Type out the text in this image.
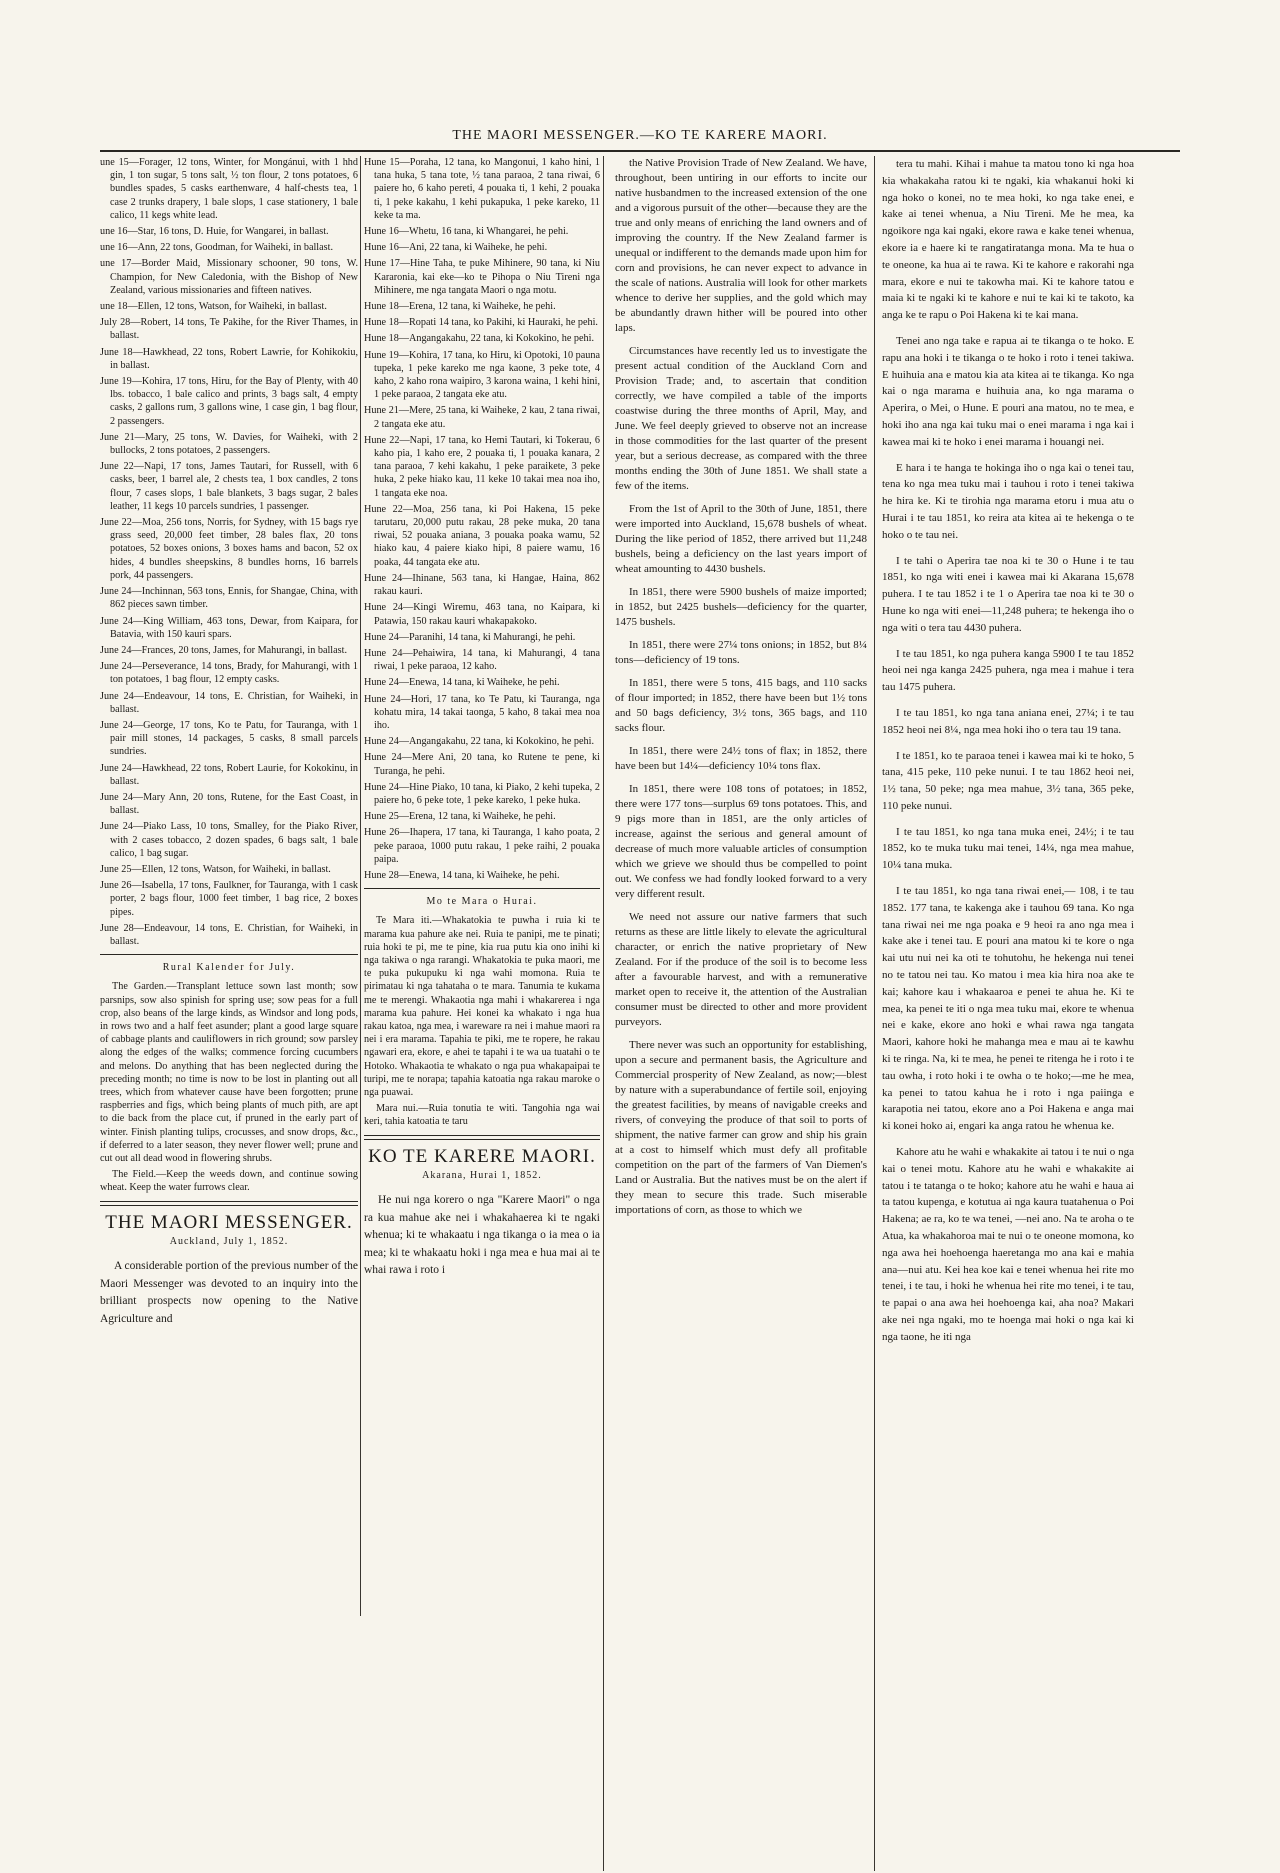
THE MAORI MESSENGER.—KO TE KARERE MAORI.

une 15—Forager, 12 tons, Winter, for Mongánui, with 1 hhd gin, 1 ton sugar, 5 tons salt, ½ ton flour, 2 tons potatoes, 6 bundles spades, 5 casks earthenware, 4 half-chests tea, 1 case 2 trunks drapery, 1 bale slops, 1 case stationery, 1 bale calico, 11 kegs white lead.

une 16—Star, 16 tons, D. Huie, for Wangarei, in ballast.

une 16—Ann, 22 tons, Goodman, for Waiheki, in ballast.

une 17—Border Maid, Missionary schooner, 90 tons, W. Champion, for New Caledonia, with the Bishop of New Zealand, various missionaries and fifteen natives.

une 18—Ellen, 12 tons, Watson, for Waiheki, in ballast.

July 28—Robert, 14 tons, Te Pakihe, for the River Thames, in ballast.

June 18—Hawkhead, 22 tons, Robert Lawrie, for Kohikokiu, in ballast.

June 19—Kohira, 17 tons, Hiru, for the Bay of Plenty, with 40 lbs. tobacco, 1 bale calico and prints, 3 bags salt, 4 empty casks, 2 gallons rum, 3 gallons wine, 1 case gin, 1 bag flour, 2 passengers.

June 21—Mary, 25 tons, W. Davies, for Waiheki, with 2 bullocks, 2 tons potatoes, 2 passengers.

June 22—Napi, 17 tons, James Tautari, for Russell, with 6 casks, beer, 1 barrel ale, 2 chests tea, 1 box candles, 2 tons flour, 7 cases slops, 1 bale blankets, 3 bags sugar, 2 bales leather, 11 kegs 10 parcels sundries, 1 passenger.

June 22—Moa, 256 tons, Norris, for Sydney, with 15 bags rye grass seed, 20,000 feet timber, 28 bales flax, 20 tons potatoes, 52 boxes onions, 3 boxes hams and bacon, 52 ox hides, 4 bundles sheepskins, 8 bundles horns, 16 barrels pork, 44 passengers.

June 24—Inchinnan, 563 tons, Ennis, for Shangae, China, with 862 pieces sawn timber.

June 24—King William, 463 tons, Dewar, from Kaipara, for Batavia, with 150 kauri spars.

June 24—Frances, 20 tons, James, for Mahurangi, in ballast.

June 24—Perseverance, 14 tons, Brady, for Mahurangi, with 1 ton potatoes, 1 bag flour, 12 empty casks.

June 24—Endeavour, 14 tons, E. Christian, for Waiheki, in ballast.

June 24—George, 17 tons, Ko te Patu, for Tauranga, with 1 pair mill stones, 14 packages, 5 casks, 8 small parcels sundries.

June 24—Hawkhead, 22 tons, Robert Laurie, for Kokokinu, in ballast.

June 24—Mary Ann, 20 tons, Rutene, for the East Coast, in ballast.

June 24—Piako Lass, 10 tons, Smalley, for the Piako River, with 2 cases tobacco, 2 dozen spades, 6 bags salt, 1 bale calico, 1 bag sugar.

June 25—Ellen, 12 tons, Watson, for Waiheki, in ballast.

June 26—Isabella, 17 tons, Faulkner, for Tauranga, with 1 cask porter, 2 bags flour, 1000 feet timber, 1 bag rice, 2 boxes pipes.

June 28—Endeavour, 14 tons, E. Christian, for Waiheki, in ballast.

Rural Kalender for July.

The Garden.—Transplant lettuce sown last month; sow parsnips, sow also spinish for spring use; sow peas for a full crop, also beans of the large kinds, as Windsor and long pods, in rows two and a half feet asunder; plant a good large square of cabbage plants and cauliflowers in rich ground; sow parsley along the edges of the walks; commence forcing cucumbers and melons. Do anything that has been neglected during the preceding month; no time is now to be lost in planting out all trees, which from whatever cause have been forgotten; prune raspberries and figs, which being plants of much pith, are apt to die back from the place cut, if pruned in the early part of winter. Finish planting tulips, crocusses, and snow drops, &c., if deferred to a later season, they never flower well; prune and cut out all dead wood in flowering shrubs.

The Field.—Keep the weeds down, and continue sowing wheat. Keep the water furrows clear.

THE MAORI MESSENGER.
Auckland, July 1, 1852.

A considerable portion of the previous number of the Maori Messenger was devoted to an inquiry into the brilliant prospects now opening to the Native Agriculture and

Hune 15—Poraha, 12 tana, ko Mangonui, 1 kaho hini, 1 tana huka, 5 tana tote, ½ tana paraoa, 2 tana riwai, 6 paiere ho, 6 kaho pereti, 4 pouaka ti, 1 kehi, 2 pouaka ti, 1 peke kakahu, 1 kehi pukapuka, 1 peke kareko, 11 keke ta ma.

Hune 16—Whetu, 16 tana, ki Whangarei, he pehi.

Hune 16—Ani, 22 tana, ki Waiheke, he pehi.

Hune 17—Hine Taha, te puke Mihinere, 90 tana, ki Niu Kararonia, kai eke—ko te Pihopa o Niu Tireni nga Mihinere, me nga tangata Maori o nga motu.

Hune 18—Erena, 12 tana, ki Waiheke, he pehi.

Hune 18—Ropati 14 tana, ko Pakihi, ki Hauraki, he pehi.

Hune 18—Angangakahu, 22 tana, ki Kokokino, he pehi.

Hune 19—Kohira, 17 tana, ko Hiru, ki Opotoki, 10 pauna tupeka, 1 peke kareko me nga kaone, 3 peke tote, 4 kaho, 2 kaho rona waipiro, 3 karona waina, 1 kehi hini, 1 peke paraoa, 2 tangata eke atu.

Hune 21—Mere, 25 tana, ki Waiheke, 2 kau, 2 tana riwai, 2 tangata eke atu.

Hune 22—Napi, 17 tana, ko Hemi Tautari, ki Tokerau, 6 kaho pia, 1 kaho ere, 2 pouaka ti, 1 pouaka kanara, 2 tana paraoa, 7 kehi kakahu, 1 peke paraikete, 3 peke huka, 2 peke hiako kau, 11 keke 10 takai mea noa iho, 1 tangata eke noa.

Hune 22—Moa, 256 tana, ki Poi Hakena, 15 peke tarutaru, 20,000 putu rakau, 28 peke muka, 20 tana riwai, 52 pouaka aniana, 3 pouaka poaka wamu, 52 hiako kau, 4 paiere kiako hipi, 8 paiere wamu, 16 poaka, 44 tangata eke atu.

Hune 24—Ihinane, 563 tana, ki Hangae, Haina, 862 rakau kauri.

Hune 24—Kingi Wiremu, 463 tana, no Kaipara, ki Patawia, 150 rakau kauri whakapakoko.

Hune 24—Paranihi, 14 tana, ki Mahurangi, he pehi.

Hune 24—Pehaiwira, 14 tana, ki Mahurangi, 4 tana riwai, 1 peke paraoa, 12 kaho.

Hune 24—Enewa, 14 tana, ki Waiheke, he pehi.

Hune 24—Hori, 17 tana, ko Te Patu, ki Tauranga, nga kohatu mira, 14 takai taonga, 5 kaho, 8 takai mea noa iho.

Hune 24—Angangakahu, 22 tana, ki Kokokino, he pehi.

Hune 24—Mere Ani, 20 tana, ko Rutene te pene, ki Turanga, he pehi.

Hune 24—Hine Piako, 10 tana, ki Piako, 2 kehi tupeka, 2 paiere ho, 6 peke tote, 1 peke kareko, 1 peke huka.

Hune 25—Erena, 12 tana, ki Waiheke, he pehi.

Hune 26—Ihapera, 17 tana, ki Tauranga, 1 kaho poata, 2 peke paraoa, 1000 putu rakau, 1 peke raihi, 2 pouaka paipa.

Hune 28—Enewa, 14 tana, ki Waiheke, he pehi.

Mo te Mara o Hurai.

Te Mara iti.—Whakatokia te puwha i ruia ki te marama kua pahure ake nei. Ruia te panipi, me te pinati; ruia hoki te pi, me te pine, kia rua putu kia ono inihi ki nga takiwa o nga rarangi. Whakatokia te puka maori, me te puka pukupuku ki nga wahi momona. Ruia te pirimatau ki nga tahataha o te mara. Tanumia te kukama me te merengi. Whakaotia nga mahi i whakarerea i nga marama kua pahure. Hei konei ka whakato i nga hua rakau katoa, nga mea, i wareware ra nei i mahue maori ra nei i era marama. Tapahia te piki, me te ropere, he rakau ngawari era, ekore, e ahei te tapahi i te wa ua tuatahi o te Hotoko. Whakaotia te whakato o nga pua whakapaipai te turipi, me te norapa; tapahia katoatia nga rakau maroke o nga puawai.

Mara nui.—Ruia tonutia te witi. Tangohia nga wai keri, tahia katoatia te taru

KO TE KARERE MAORI.
Akarana, Hurai 1, 1852.

He nui nga korero o nga "Karere Maori" o nga ra kua mahue ake nei i whakahaerea ki te ngaki whenua; ki te whakaatu i nga tikanga o ia mea o ia mea; ki te whakaatu hoki i nga mea e hua mai ai te whai rawa i roto i

the Native Provision Trade of New Zealand. We have, throughout, been untiring in our efforts to incite our native husbandmen to the increased extension of the one and a vigorous pursuit of the other—because they are the true and only means of enriching the land owners and of improving the country. If the New Zealand farmer is unequal or indifferent to the demands made upon him for corn and provisions, he can never expect to advance in the scale of nations. Australia will look for other markets whence to derive her supplies, and the gold which may be abundantly drawn hither will be poured into other laps.

Circumstances have recently led us to investigate the present actual condition of the Auckland Corn and Provision Trade; and, to ascertain that condition correctly, we have compiled a table of the imports coastwise during the three months of April, May, and June. We feel deeply grieved to observe not an increase in those commodities for the last quarter of the present year, but a serious decrease, as compared with the three months ending the 30th of June 1851. We shall state a few of the items.

From the 1st of April to the 30th of June, 1851, there were imported into Auckland, 15,678 bushels of wheat. During the like period of 1852, there arrived but 11,248 bushels, being a deficiency on the last years import of wheat amounting to 4430 bushels.

In 1851, there were 5900 bushels of maize imported; in 1852, but 2425 bushels—deficiency for the quarter, 1475 bushels.

In 1851, there were 27¼ tons onions; in 1852, but 8¼ tons—deficiency of 19 tons.

In 1851, there were 5 tons, 415 bags, and 110 sacks of flour imported; in 1852, there have been but 1½ tons and 50 bags deficiency, 3½ tons, 365 bags, and 110 sacks flour.

In 1851, there were 24½ tons of flax; in 1852, there have been but 14¼—deficiency 10¼ tons flax.

In 1851, there were 108 tons of potatoes; in 1852, there were 177 tons—surplus 69 tons potatoes. This, and 9 pigs more than in 1851, are the only articles of increase, against the serious and general amount of decrease of much more valuable articles of consumption which we grieve we should thus be compelled to point out. We confess we had fondly looked forward to a very very different result.

We need not assure our native farmers that such returns as these are little likely to elevate the agricultural character, or enrich the native proprietary of New Zealand. For if the produce of the soil is to become less after a favourable harvest, and with a remunerative market open to receive it, the attention of the Australian consumer must be directed to other and more provident purveyors.

There never was such an opportunity for establishing, upon a secure and permanent basis, the Agriculture and Commercial prosperity of New Zealand, as now;—blest by nature with a superabundance of fertile soil, enjoying the greatest facilities, by means of navigable creeks and rivers, of conveying the produce of that soil to ports of shipment, the native farmer can grow and ship his grain at a cost to himself which must defy all profitable competition on the part of the farmers of Van Diemen's Land or Australia. But the natives must be on the alert if they mean to secure this trade. Such miserable importations of corn, as those to which we

tera tu mahi. Kihai i mahue ta matou tono ki nga hoa kia whakakaha ratou ki te ngaki, kia whakanui hoki ki nga hoko o konei, no te mea hoki, ko nga take enei, e kake ai tenei whenua, a Niu Tireni. Me he mea, ka ngoikore nga kai ngaki, ekore rawa e kake tenei whenua, ekore ia e haere ki te rangatiratanga mona. Ma te hua o te oneone, ka hua ai te rawa. Ki te kahore e rakorahi nga mara, ekore e nui te takowha mai. Ki te kahore tatou e maia ki te ngaki ki te kahore e nui te kai ki te takoto, ka anga ke te rapu o Poi Hakena ki te kai mana.

Tenei ano nga take e rapua ai te tikanga o te hoko. E rapu ana hoki i te tikanga o te hoko i roto i tenei takiwa. E huihuia ana e matou kia ata kitea ai te tikanga. Ko nga kai o nga marama e huihuia ana, ko nga marama o Aperira, o Mei, o Hune. E pouri ana matou, no te mea, e hoki iho ana nga kai tuku mai o enei marama i nga kai i kawea mai ki te hoko i enei marama i houangi nei.

E hara i te hanga te hokinga iho o nga kai o tenei tau, tena ko nga mea tuku mai i tauhou i roto i tenei takiwa he hira ke. Ki te tirohia nga marama etoru i mua atu o Hurai i te tau 1851, ko reira ata kitea ai te hekenga o te hoko o te tau nei.

I te tahi o Aperira tae noa ki te 30 o Hune i te tau 1851, ko nga witi enei i kawea mai ki Akarana 15,678 puhera. I te tau 1852 i te 1 o Aperira tae noa ki te 30 o Hune ko nga witi enei—11,248 puhera; te hekenga iho o nga witi o tera tau 4430 puhera.

I te tau 1851, ko nga puhera kanga 5900 I te tau 1852 heoi nei nga kanga 2425 puhera, nga mea i mahue i tera tau 1475 puhera.

I te tau 1851, ko nga tana aniana enei, 27¼; i te tau 1852 heoi nei 8¼, nga mea hoki iho o tera tau 19 tana.

I te 1851, ko te paraoa tenei i kawea mai ki te hoko, 5 tana, 415 peke, 110 peke nunui. I te tau 1862 heoi nei, 1½ tana, 50 peke; nga mea mahue, 3½ tana, 365 peke, 110 peke nunui.

I te tau 1851, ko nga tana muka enei, 24½; i te tau 1852, ko te muka tuku mai tenei, 14¼, nga mea mahue, 10¼ tana muka.

I te tau 1851, ko nga tana riwai enei,— 108, i te tau 1852. 177 tana, te kakenga ake i tauhou 69 tana. Ko nga tana riwai nei me nga poaka e 9 heoi ra ano nga mea i kake ake i tenei tau. E pouri ana matou ki te kore o nga kai utu nui nei ka oti te tohutohu, he hekenga nui tenei no te tatou nei tau. Ko matou i mea kia hira noa ake te kai; kahore kau i whakaaroa e penei te ahua he. Ki te mea, ka penei te iti o nga mea tuku mai, ekore te whenua nei e kake, ekore ano hoki e whai rawa nga tangata Maori, kahore hoki he mahanga mea e mau ai te kawhu ki te ringa. Na, ki te mea, he penei te ritenga he i roto i te tau owha, i roto hoki i te owha o te hoko;—me he mea, ka penei to tatou kahua he i roto i nga paiinga e karapotia nei tatou, ekore ano a Poi Hakena e anga mai ki konei hoko ai, engari ka anga ratou he whenua ke.

Kahore atu he wahi e whakakite ai tatou i te nui o nga kai o tenei motu. Kahore atu he wahi e whakakite ai tatou i te tatanga o te hoko; kahore atu he wahi e haua ai ta tatou kupenga, e kotutua ai nga kaura tuatahenua o Poi Hakena; ae ra, ko te wa tenei, —nei ano. Na te aroha o te Atua, ka whakahoroa mai te nui o te oneone momona, ko nga awa hei hoehoenga haeretanga mo ana kai e mahia ana—nui atu. Kei hea koe kai e tenei whenua hei rite mo tenei, i te tau, i hoki he whenua hei rite mo tenei, i te tau, te papai o ana awa hei hoehoenga kai, aha noa? Makari ake nei nga ngaki, mo te hoenga mai hoki o nga kai ki nga taone, he iti nga
